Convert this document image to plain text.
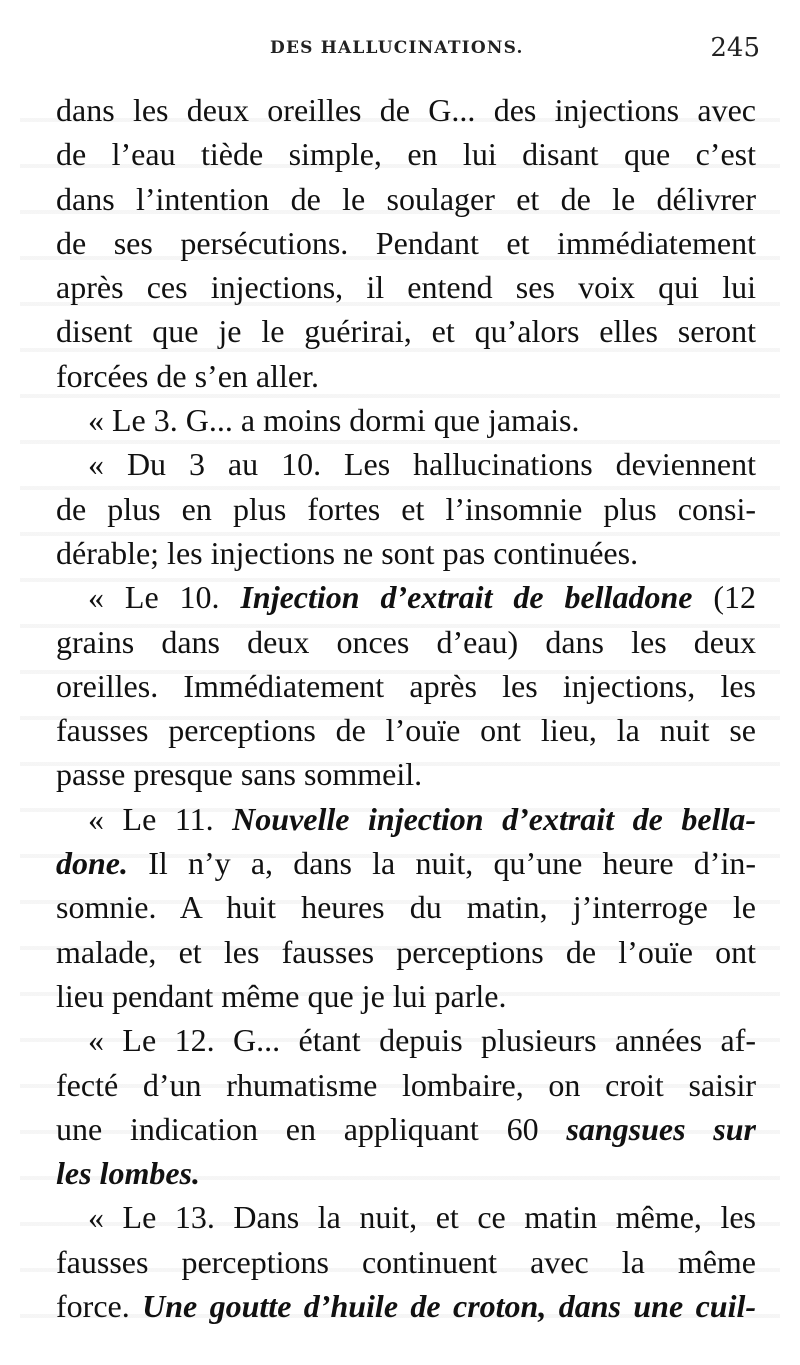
DES HALLUCINATIONS.	245
dans les deux oreilles de G... des injections avec
de l’eau tiède simple, en lui disant que c’est
dans l’intention de le soulager et de le délivrer
de ses persécutions. Pendant et immédiatement
après ces injections, il entend ses voix qui lui
disent que je le guérirai, et qu’alors elles seront
forcées de s’en aller.
« Le 3. G... a moins dormi que jamais.
« Du 3 au 10. Les hallucinations deviennent
de plus en plus fortes et l’insomnie plus consi-
dérable; les injections ne sont pas continuées.
« Le 10. Injection d’extrait de belladone (12
grains dans deux onces d’eau) dans les deux
oreilles. Immédiatement après les injections, les
fausses perceptions de l’ouïe ont lieu, la nuit se
passe presque sans sommeil.
« Le 11. Nouvelle injection d’extrait de bella-
done. Il n’y a, dans la nuit, qu’une heure d’in-
somnie. A huit heures du matin, j’interroge le
malade, et les fausses perceptions de l’ouïe ont
lieu pendant même que je lui parle.
« Le 12. G... étant depuis plusieurs années af-
fecté d’un rhumatisme lombaire, on croit saisir
une indication en appliquant 60 sangsues sur
les lombes.
« Le 13. Dans la nuit, et ce matin même, les
fausses perceptions continuent avec la même
force. Une goutte d’huile de croton, dans une cuil-
